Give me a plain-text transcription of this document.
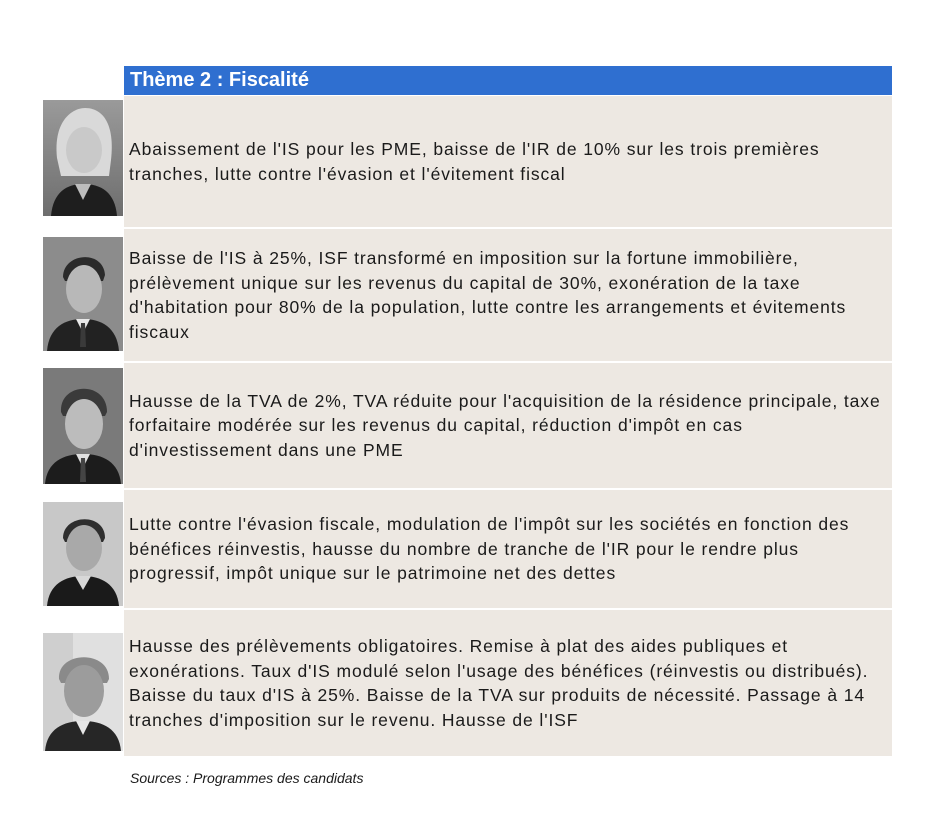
Thème 2 : Fiscalité
Abaissement de l'IS pour les PME, baisse de l'IR de 10% sur les trois premières tranches, lutte contre l'évasion et l'évitement fiscal
Baisse de l'IS à 25%, ISF transformé en imposition sur la fortune immobilière, prélèvement unique sur les revenus du capital de 30%, exonération de la taxe d'habitation pour 80% de la population, lutte contre les arrangements et évitements fiscaux
Hausse de la TVA de 2%, TVA réduite pour l'acquisition de la résidence principale, taxe forfaitaire modérée sur les revenus du capital, réduction d'impôt en cas d'investissement dans une PME
Lutte contre l'évasion fiscale, modulation de l'impôt sur les sociétés en fonction des bénéfices réinvestis, hausse du nombre de tranche de l'IR pour le rendre plus progressif, impôt unique sur le patrimoine net des dettes
Hausse des prélèvements obligatoires. Remise à plat des aides publiques et exonérations. Taux d'IS modulé selon l'usage des bénéfices (réinvestis ou distribués). Baisse du taux d'IS à 25%. Baisse de la TVA sur produits de nécessité. Passage à 14 tranches d'imposition sur le revenu. Hausse de l'ISF
Sources : Programmes des candidats
